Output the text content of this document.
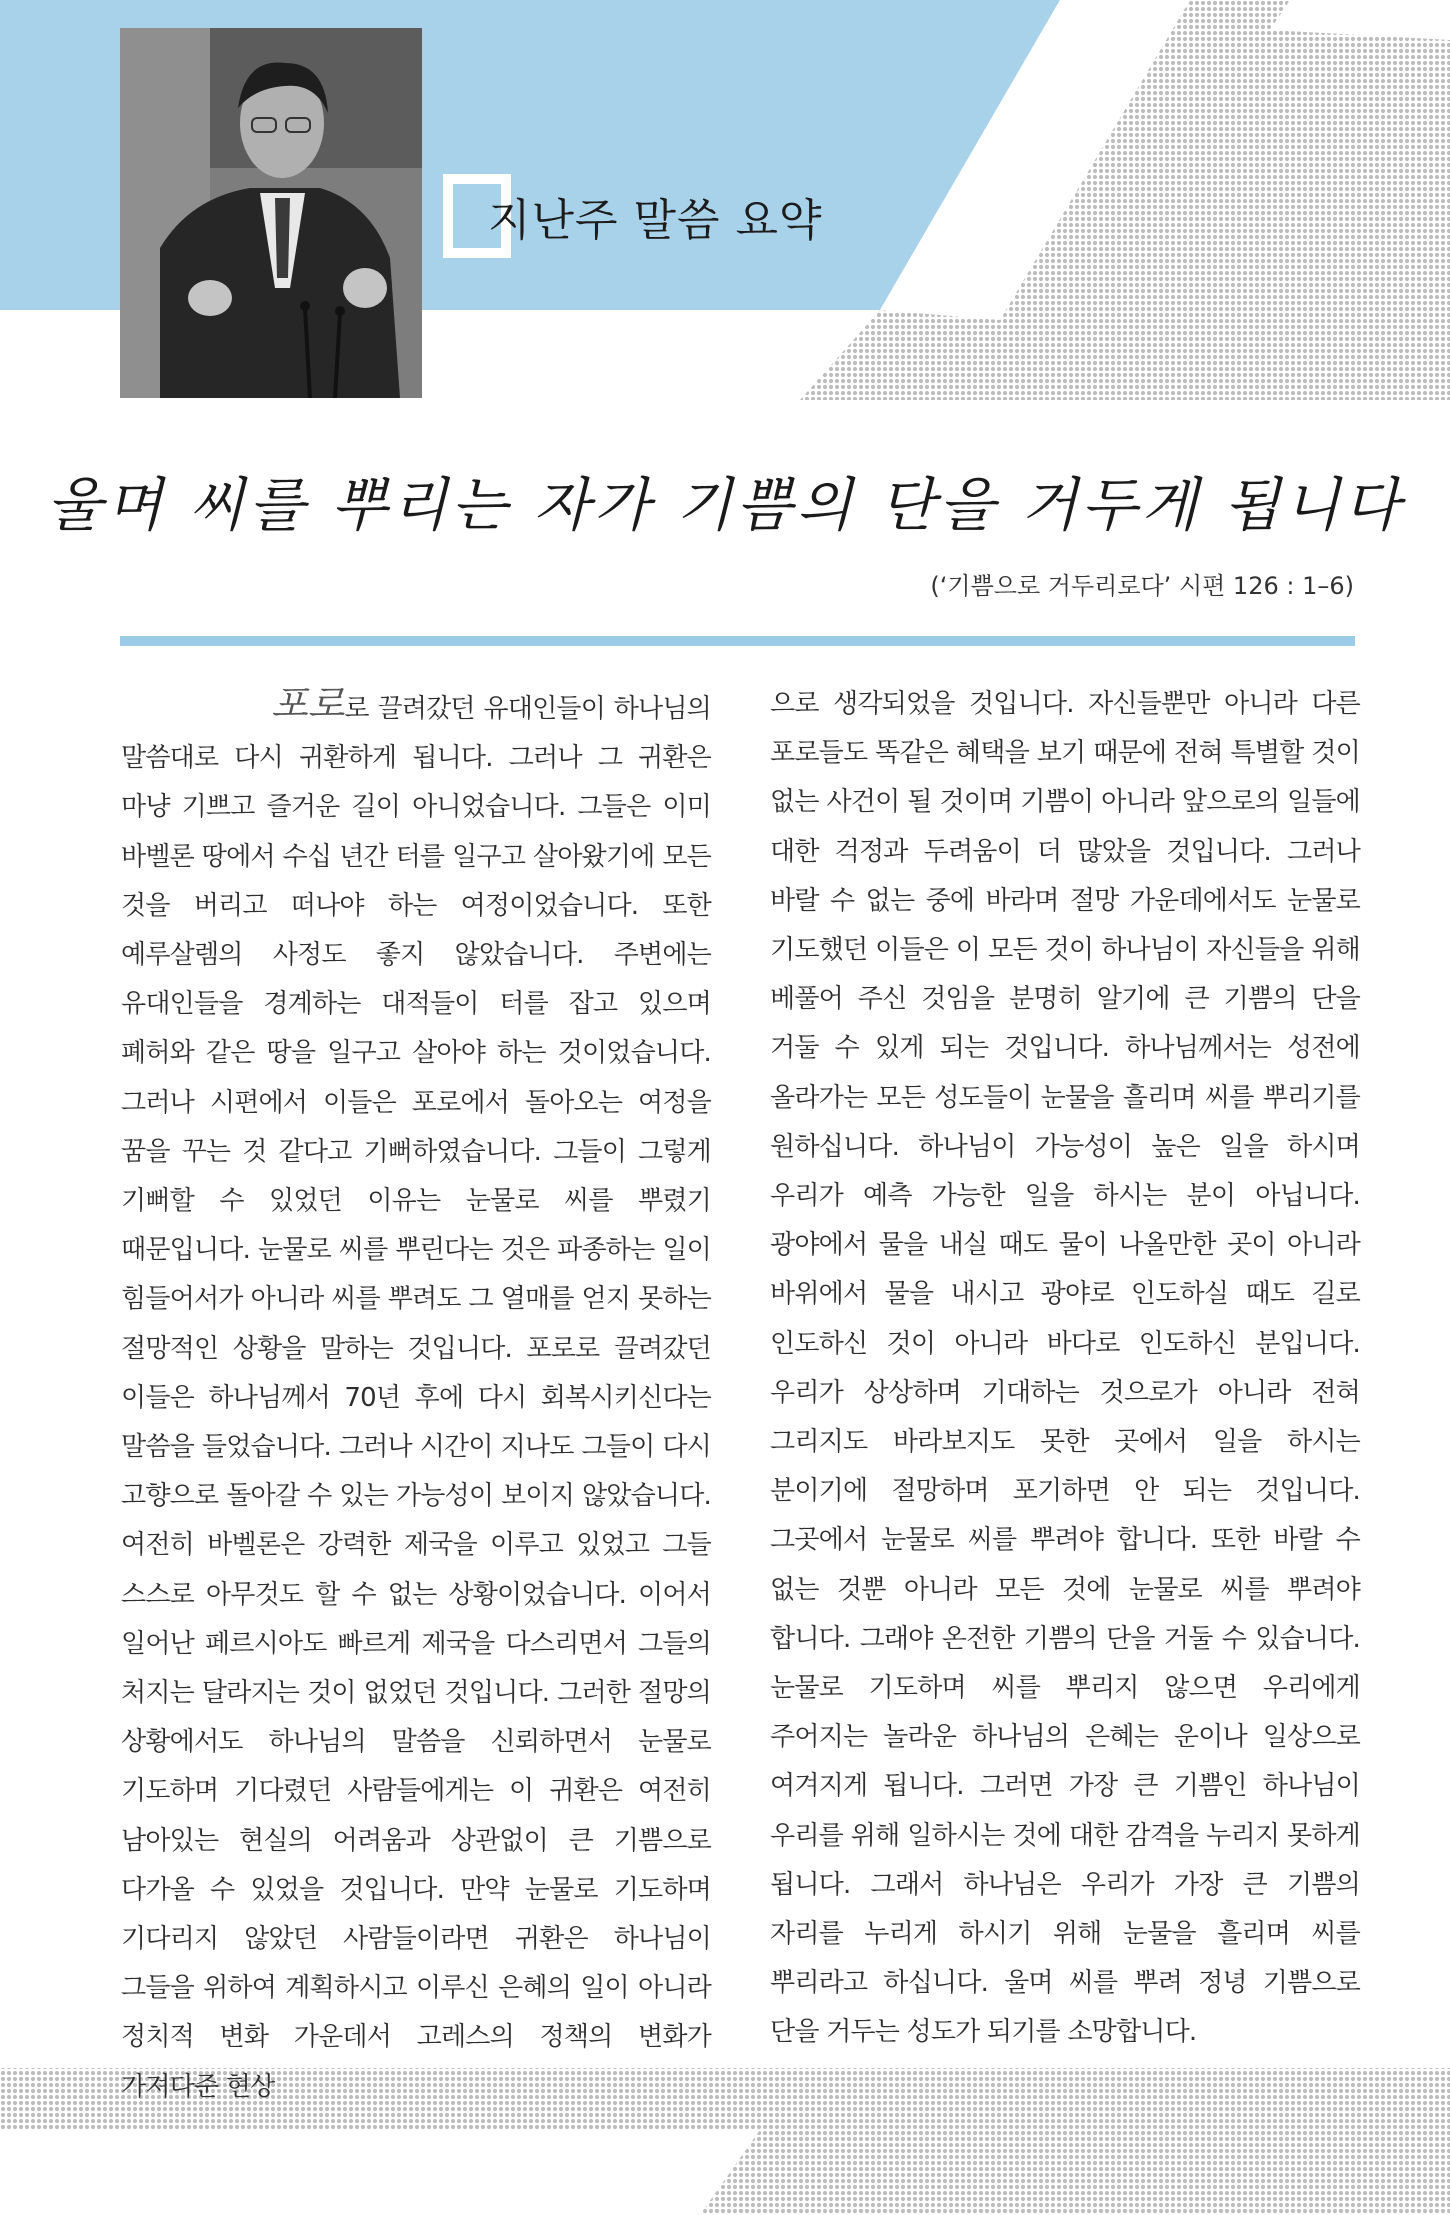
지난주 말씀 요약
울며 씨를 뿌리는 자가 기쁨의 단을 거두게 됩니다
(‘기쁨으로 거두리로다’ 시편 126 : 1–6)

포로로 끌려갔던 유대인들이 하나님의 말씀대로 다시 귀환하게 됩니다. 그러나 그 귀환은 마냥 기쁘고 즐거운 길이 아니었습니다. 그들은 이미 바벨론 땅에서 수십 년간 터를 일구고 살아왔기에 모든 것을 버리고 떠나야 하는 여정이었습니다. 또한 예루살렘의 사정도 좋지 않았습니다. 주변에는 유대인들을 경계하는 대적들이 터를 잡고 있으며 폐허와 같은 땅을 일구고 살아야 하는 것이었습니다. 그러나 시편에서 이들은 포로에서 돌아오는 여정을 꿈을 꾸는 것 같다고 기뻐하였습니다. 그들이 그렇게 기뻐할 수 있었던 이유는 눈물로 씨를 뿌렸기 때문입니다. 눈물로 씨를 뿌린다는 것은 파종하는 일이 힘들어서가 아니라 씨를 뿌려도 그 열매를 얻지 못하는 절망적인 상황을 말하는 것입니다. 포로로 끌려갔던 이들은 하나님께서 70년 후에 다시 회복시키신다는 말씀을 들었습니다. 그러나 시간이 지나도 그들이 다시 고향으로 돌아갈 수 있는 가능성이 보이지 않았습니다. 여전히 바벨론은 강력한 제국을 이루고 있었고 그들 스스로 아무것도 할 수 없는 상황이었습니다. 이어서 일어난 페르시아도 빠르게 제국을 다스리면서 그들의 처지는 달라지는 것이 없었던 것입니다. 그러한 절망의 상황에서도 하나님의 말씀을 신뢰하면서 눈물로 기도하며 기다렸던 사람들에게는 이 귀환은 여전히 남아있는 현실의 어려움과 상관없이 큰 기쁨으로 다가올 수 있었을 것입니다. 만약 눈물로 기도하며 기다리지 않았던 사람들이라면 귀환은 하나님이 그들을 위하여 계획하시고 이루신 은혜의 일이 아니라 정치적 변화 가운데서 고레스의 정책의 변화가 가져다준 현상

으로 생각되었을 것입니다. 자신들뿐만 아니라 다른 포로들도 똑같은 혜택을 보기 때문에 전혀 특별할 것이 없는 사건이 될 것이며 기쁨이 아니라 앞으로의 일들에 대한 걱정과 두려움이 더 많았을 것입니다. 그러나 바랄 수 없는 중에 바라며 절망 가운데에서도 눈물로 기도했던 이들은 이 모든 것이 하나님이 자신들을 위해 베풀어 주신 것임을 분명히 알기에 큰 기쁨의 단을 거둘 수 있게 되는 것입니다. 하나님께서는 성전에 올라가는 모든 성도들이 눈물을 흘리며 씨를 뿌리기를 원하십니다. 하나님이 가능성이 높은 일을 하시며 우리가 예측 가능한 일을 하시는 분이 아닙니다. 광야에서 물을 내실 때도 물이 나올만한 곳이 아니라 바위에서 물을 내시고 광야로 인도하실 때도 길로 인도하신 것이 아니라 바다로 인도하신 분입니다. 우리가 상상하며 기대하는 것으로가 아니라 전혀 그리지도 바라보지도 못한 곳에서 일을 하시는 분이기에 절망하며 포기하면 안 되는 것입니다. 그곳에서 눈물로 씨를 뿌려야 합니다. 또한 바랄 수 없는 것뿐 아니라 모든 것에 눈물로 씨를 뿌려야 합니다. 그래야 온전한 기쁨의 단을 거둘 수 있습니다. 눈물로 기도하며 씨를 뿌리지 않으면 우리에게 주어지는 놀라운 하나님의 은혜는 운이나 일상으로 여겨지게 됩니다. 그러면 가장 큰 기쁨인 하나님이 우리를 위해 일하시는 것에 대한 감격을 누리지 못하게 됩니다. 그래서 하나님은 우리가 가장 큰 기쁨의 자리를 누리게 하시기 위해 눈물을 흘리며 씨를 뿌리라고 하십니다. 울며 씨를 뿌려 정녕 기쁨으로 단을 거두는 성도가 되기를 소망합니다.
